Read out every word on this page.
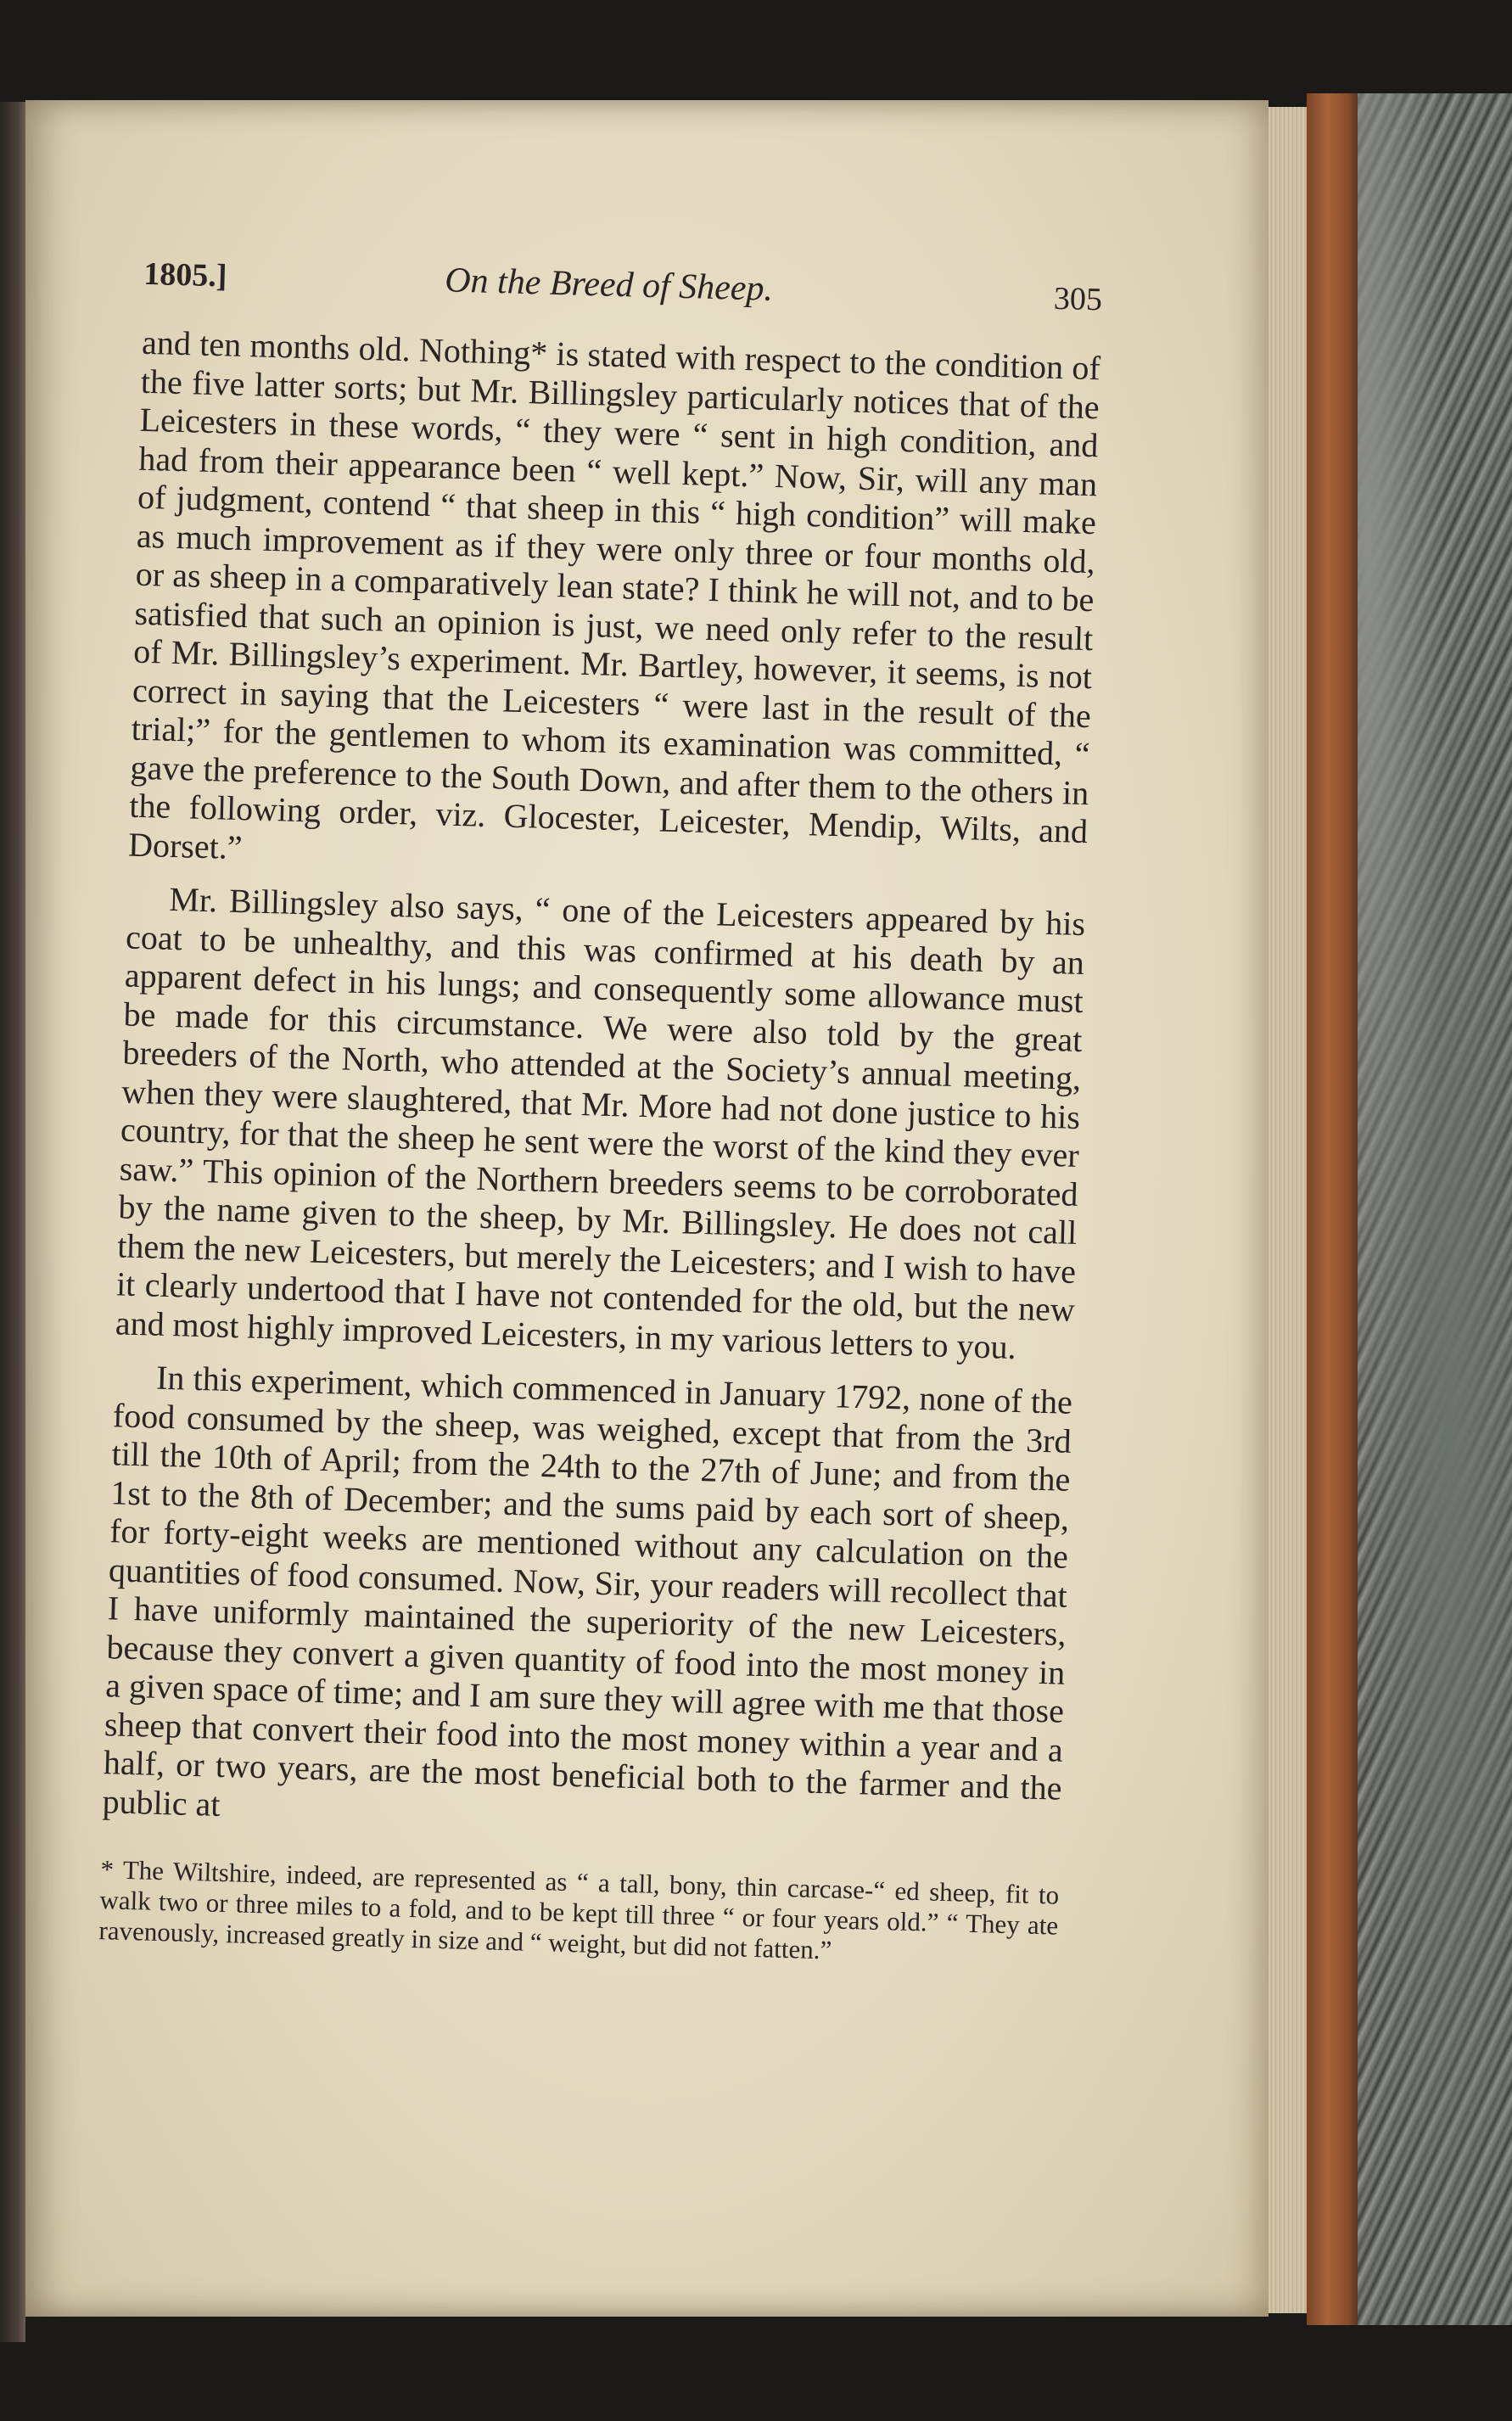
1805.]	On the Breed of Sheep.	305

and ten months old. Nothing* is stated with respect to the condition of the five latter sorts; but Mr. Billingsley particularly notices that of the Leicesters in these words, “ they were “ sent in high condition, and had from their appearance been “ well kept.” Now, Sir, will any man of judgment, contend “ that sheep in this “ high condition” will make as much improvement as if they were only three or four months old, or as sheep in a comparatively lean state? I think he will not, and to be satisfied that such an opinion is just, we need only refer to the result of Mr. Billingsley’s experiment. Mr. Bartley, however, it seems, is not correct in saying that the Leicesters “ were last in the result of the trial;” for the gentlemen to whom its examination was committed, “ gave the preference to the South Down, and after them to the others in the following order, viz. Glocester, Leicester, Mendip, Wilts, and Dorset.”

Mr. Billingsley also says, “ one of the Leicesters appeared by his coat to be unhealthy, and this was confirmed at his death by an apparent defect in his lungs; and consequently some allowance must be made for this circumstance. We were also told by the great breeders of the North, who attended at the Society’s annual meeting, when they were slaughtered, that Mr. More had not done justice to his country, for that the sheep he sent were the worst of the kind they ever saw.” This opinion of the Northern breeders seems to be corroborated by the name given to the sheep, by Mr. Billingsley. He does not call them the new Leicesters, but merely the Leicesters; and I wish to have it clearly undertood that I have not contended for the old, but the new and most highly improved Leicesters, in my various letters to you.

In this experiment, which commenced in January 1792, none of the food consumed by the sheep, was weighed, except that from the 3rd till the 10th of April; from the 24th to the 27th of June; and from the 1st to the 8th of December; and the sums paid by each sort of sheep, for forty-eight weeks are mentioned without any calculation on the quantities of food consumed. Now, Sir, your readers will recollect that I have uniformly maintained the superiority of the new Leicesters, because they convert a given quantity of food into the most money in a given space of time; and I am sure they will agree with me that those sheep that convert their food into the most money within a year and a half, or two years, are the most beneficial both to the farmer and the public at

* The Wiltshire, indeed, are represented as “ a tall, bony, thin carcase-“ ed sheep, fit to walk two or three miles to a fold, and to be kept till three “ or four years old.” “ They ate ravenously, increased greatly in size and “ weight, but did not fatten.”
